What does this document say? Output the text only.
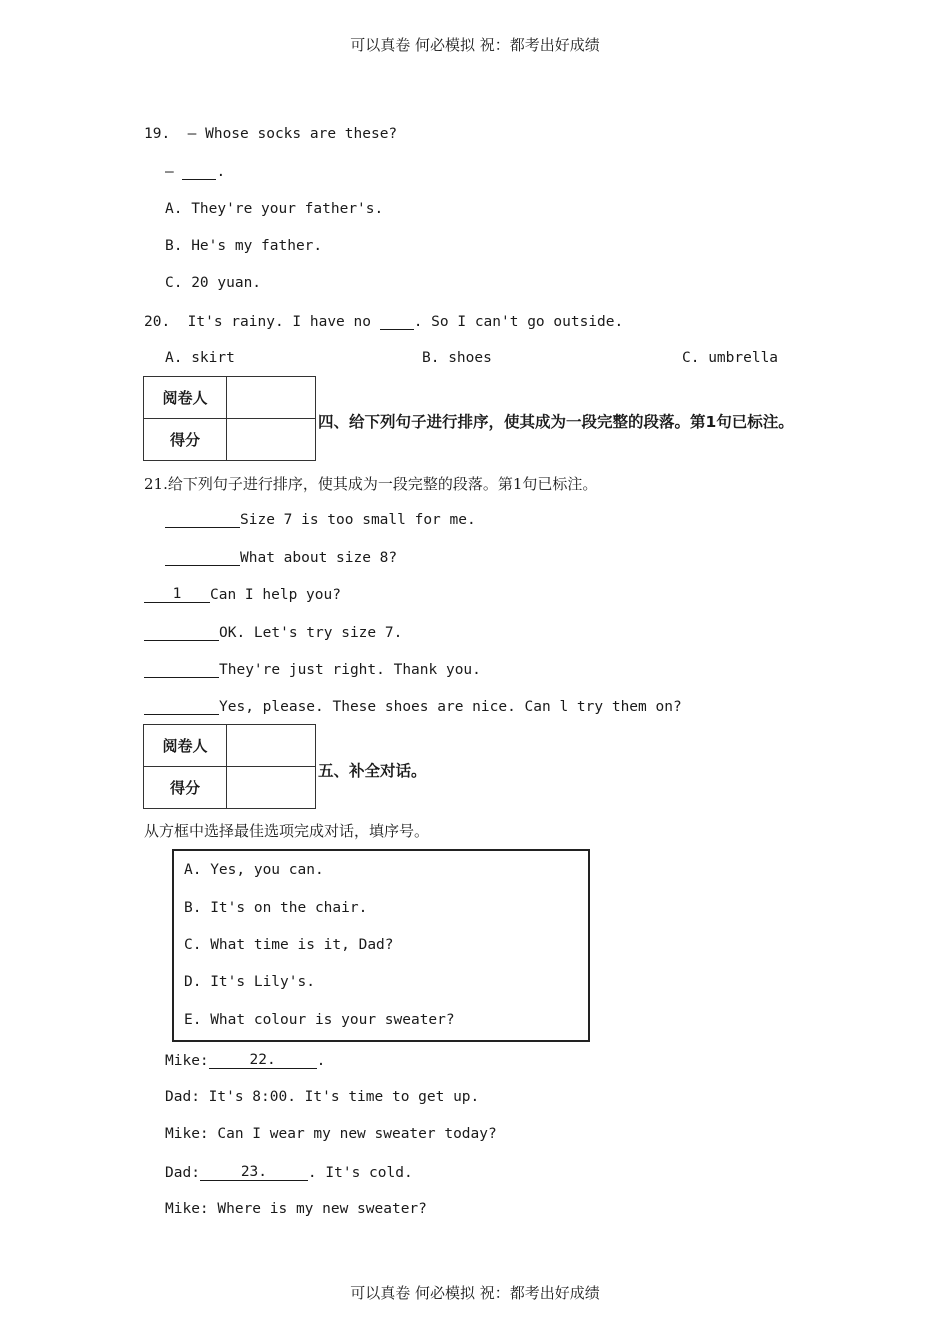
可以真卷 何必模拟 祝：都考出好成绩
19.  — Whose socks are these?
—	.
A. They're your father's.
B. He's my father.
C. 20 yuan.
20.  It's rainy. I have no	. So I can't go outside.
A. skirt	B. shoes	C. umbrella
阅卷人	
得分	
四、给下列句子进行排序，使其成为一段完整的段落。第1句已标注。
21.给下列句子进行排序，使其成为一段完整的段落。第1句已标注。
Size 7 is too small for me.
What about size 8?
1 Can I help you?
OK. Let's try size 7.
They're just right. Thank you.
Yes, please. These shoes are nice. Can l try them on?
阅卷人	
得分	
五、补全对话。
从方框中选择最佳选项完成对话，填序号。
A. Yes, you can.
B. It's on the chair.
C. What time is it, Dad?
D. It's Lily's.
E. What colour is your sweater?
Mike:	22.	.
Dad: It's 8:00. It's time to get up.
Mike: Can I wear my new sweater today?
Dad:	23.	. It's cold.
Mike: Where is my new sweater?
可以真卷 何必模拟 祝：都考出好成绩
